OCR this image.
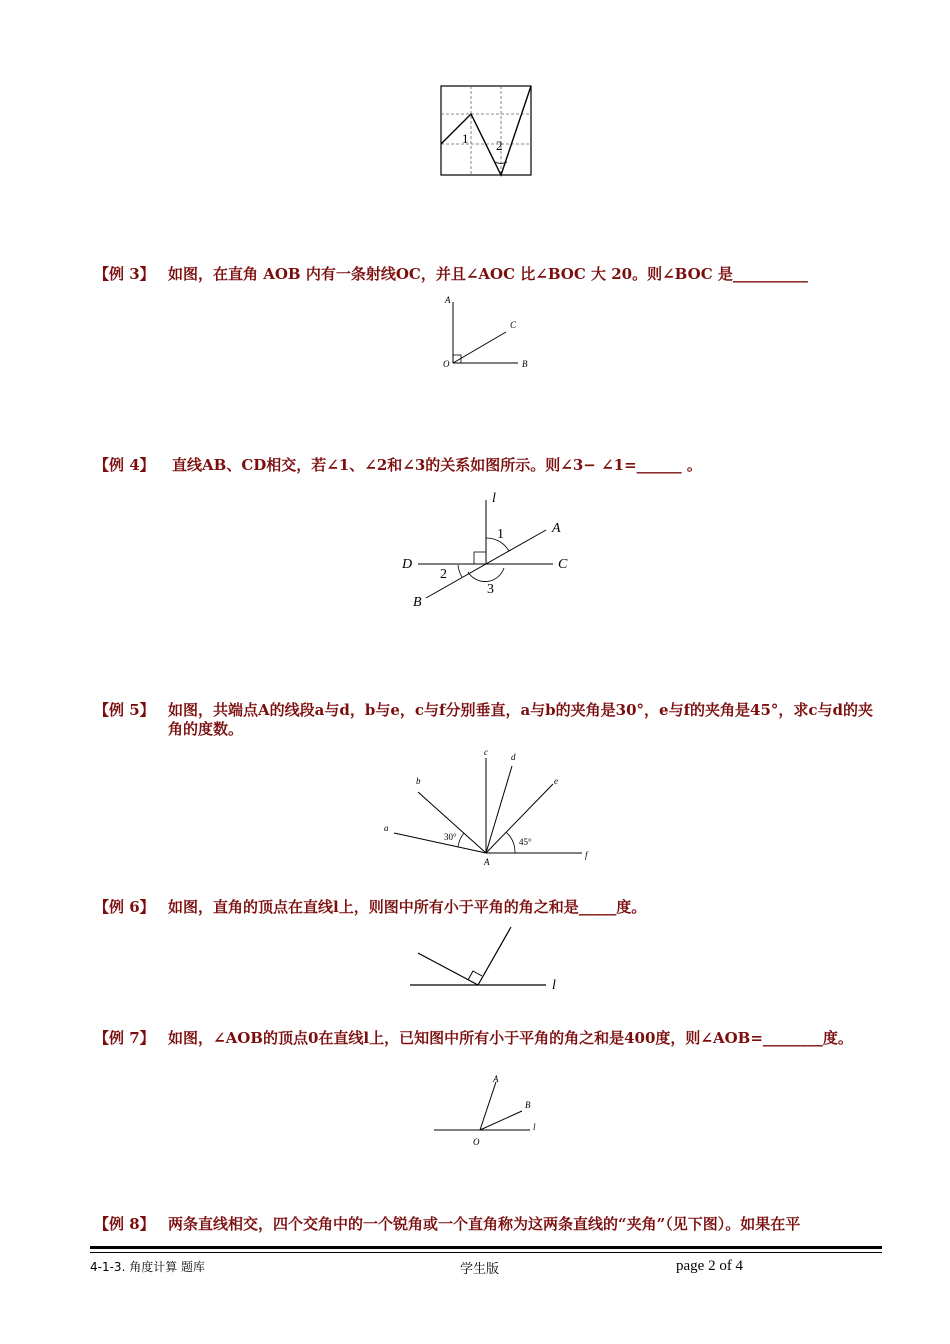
1 2
【例 3】 如图，在直角 AOB 内有一条射线OC，并且∠AOC 比∠BOC 大 20。则∠BOC 是__________
A
C
O	B
【例 4】 直线AB、CD相交，若∠1、∠2和∠3的关系如图所示。则∠3− ∠1=______ 。
l
A
C
D
B
1
2
3
【例 5】 如图，共端点A的线段a与d，b与e，c与f分别垂直，a与b的夹角是30°，e与f的夹角是45°，求c与d的夹角的度数。
a
b
c	d
e
f
A
30°	45°
【例 6】 如图，直角的顶点在直线l上，则图中所有小于平角的角之和是_____度。
l
【例 7】 如图，∠AOB的顶点0在直线l上，已知图中所有小于平角的角之和是400度，则∠AOB=________度。
A
B
O
l
【例 8】 两条直线相交，四个交角中的一个锐角或一个直角称为这两条直线的“夹角”（见下图）。如果在平
4-1-3. 角度计算 题库	学生版	page 2 of 4
